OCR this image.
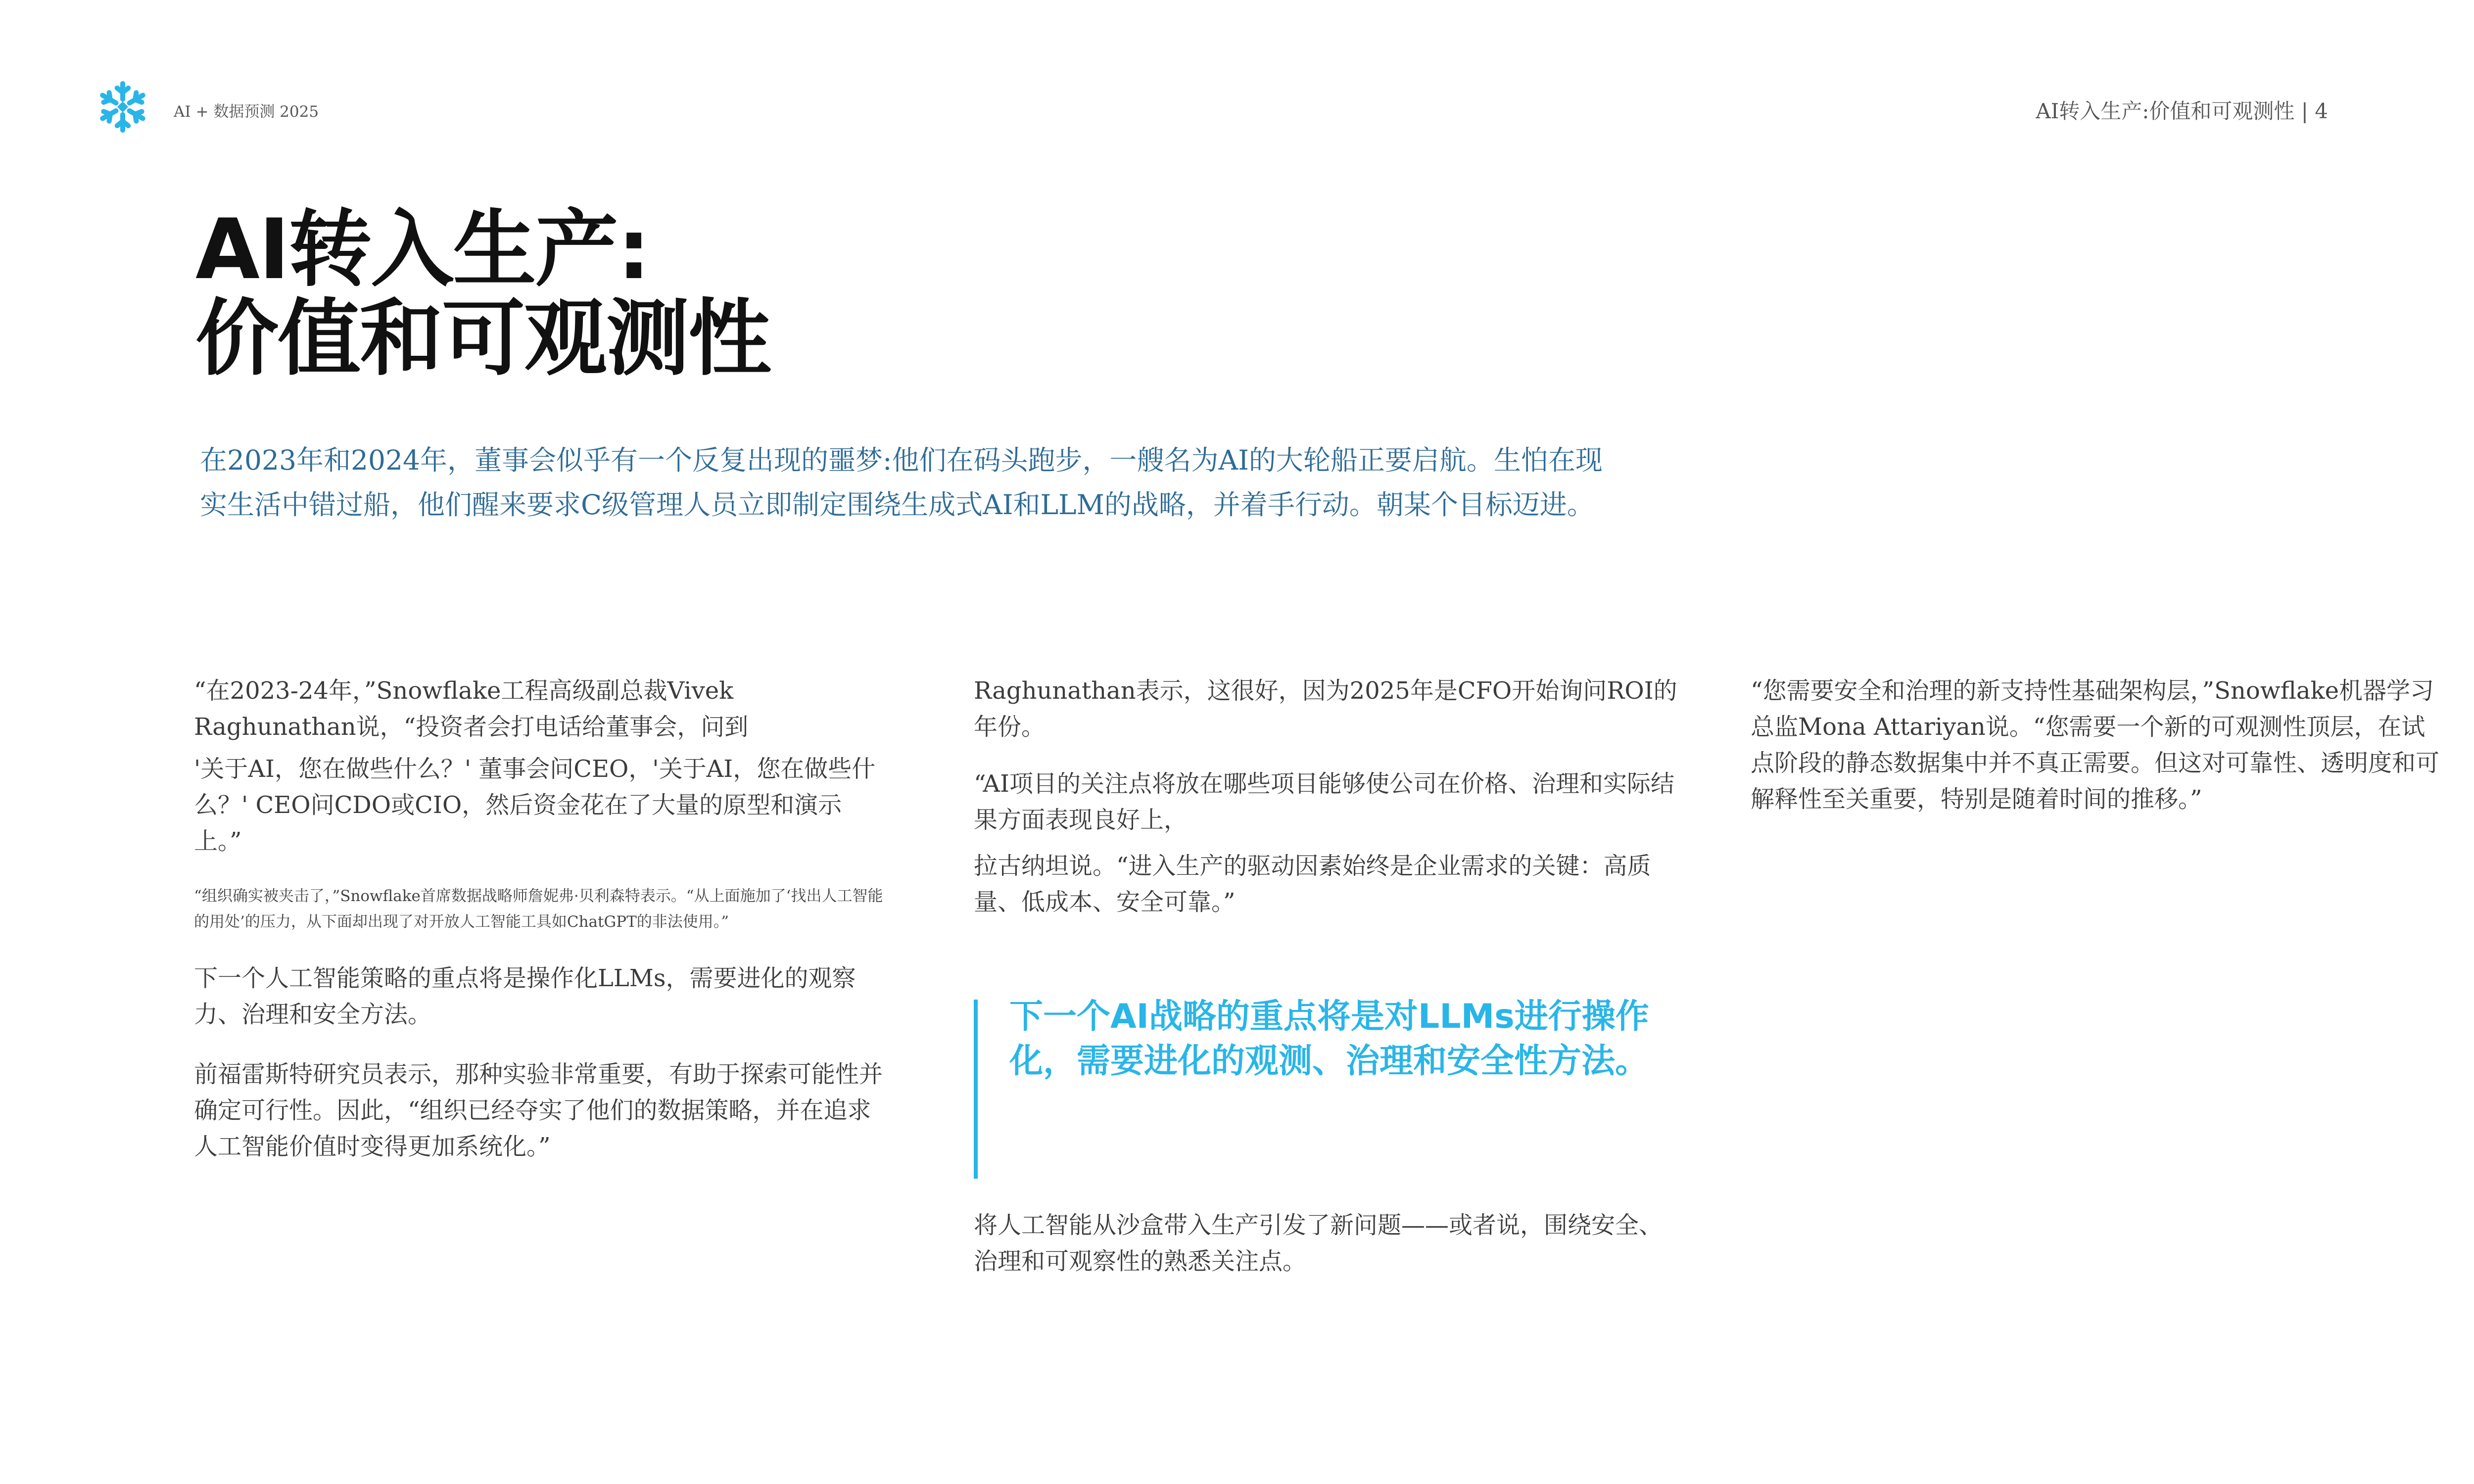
AI + 数据预测 2025	AI转入生产:价值和可观测性 | 4
AI转入生产:
价值和可观测性
在2023年和2024年，董事会似乎有一个反复出现的噩梦:他们在码头跑步，一艘名为AI的大轮船正要启航。生怕在现实生活中错过船，他们醒来要求C级管理人员立即制定围绕生成式AI和LLM的战略，并着手行动。朝某个目标迈进。

“在2023-24年，”Snowflake工程高级副总裁Vivek Raghunathan说，“投资者会打电话给董事会，问到

'关于AI，您在做些什么？' 董事会问CEO，'关于AI，您在做些什么？' CEO问CDO或CIO，然后资金花在了大量的原型和演示上。”

“组织确实被夹击了，”Snowflake首席数据战略师詹妮弗·贝利森特表示。“从上面施加了‘找出人工智能的用处’的压力，从下面却出现了对开放人工智能工具如ChatGPT的非法使用。”

下一个人工智能策略的重点将是操作化LLMs，需要进化的观察力、治理和安全方法。

前福雷斯特研究员表示，那种实验非常重要，有助于探索可能性并确定可行性。因此，“组织已经夺实了他们的数据策略，并在追求人工智能价值时变得更加系统化。”

Raghunathan表示，这很好，因为2025年是CFO开始询问ROI的年份。

“AI项目的关注点将放在哪些项目能够使公司在价格、治理和实际结果方面表现良好上，

拉古纳坦说。“进入生产的驱动因素始终是企业需求的关键：高质量、低成本、安全可靠。”

下一个AI战略的重点将是对LLMs进行操作化，需要进化的观测、治理和安全性方法。

将人工智能从沙盒带入生产引发了新问题——或者说，围绕安全、治理和可观察性的熟悉关注点。

“您需要安全和治理的新支持性基础架构层，”Snowflake机器学习总监Mona Attariyan说。“您需要一个新的可观测性顶层，在试点阶段的静态数据集中并不真正需要。但这对可靠性、透明度和可解释性至关重要，特别是随着时间的推移。”
